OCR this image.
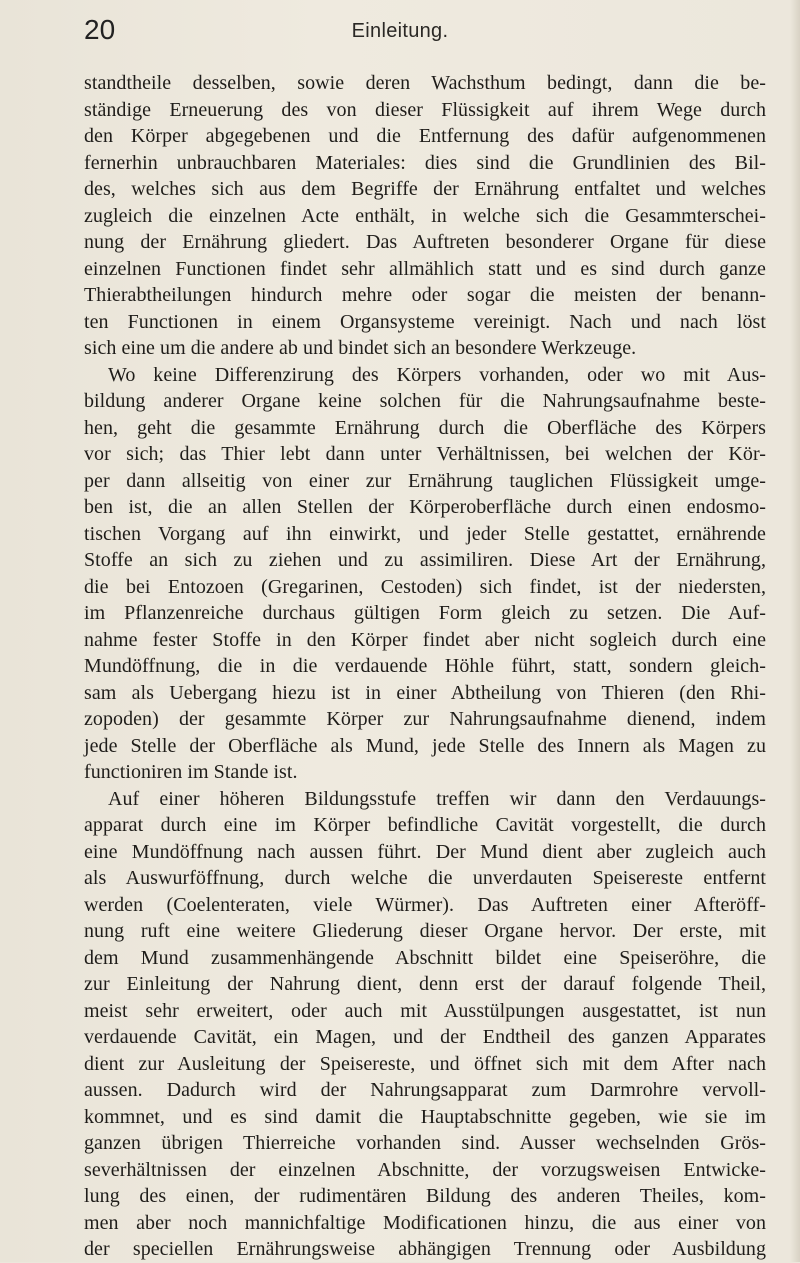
20	Einleitung.
standtheile desselben, sowie deren Wachsthum bedingt, dann die be-
ständige Erneuerung des von dieser Flüssigkeit auf ihrem Wege durch
den Körper abgegebenen und die Entfernung des dafür aufgenommenen
fernerhin unbrauchbaren Materiales: dies sind die Grundlinien des Bil-
des, welches sich aus dem Begriffe der Ernährung entfaltet und welches
zugleich die einzelnen Acte enthält, in welche sich die Gesammterschei-
nung der Ernährung gliedert. Das Auftreten besonderer Organe für diese
einzelnen Functionen findet sehr allmählich statt und es sind durch ganze
Thierabtheilungen hindurch mehre oder sogar die meisten der benann-
ten Functionen in einem Organsysteme vereinigt. Nach und nach löst
sich eine um die andere ab und bindet sich an besondere Werkzeuge.
Wo keine Differenzirung des Körpers vorhanden, oder wo mit Aus-
bildung anderer Organe keine solchen für die Nahrungsaufnahme beste-
hen, geht die gesammte Ernährung durch die Oberfläche des Körpers
vor sich; das Thier lebt dann unter Verhältnissen, bei welchen der Kör-
per dann allseitig von einer zur Ernährung tauglichen Flüssigkeit umge-
ben ist, die an allen Stellen der Körperoberfläche durch einen endosmo-
tischen Vorgang auf ihn einwirkt, und jeder Stelle gestattet, ernährende
Stoffe an sich zu ziehen und zu assimiliren. Diese Art der Ernährung,
die bei Entozoen (Gregarinen, Cestoden) sich findet, ist der niedersten,
im Pflanzenreiche durchaus gültigen Form gleich zu setzen. Die Auf-
nahme fester Stoffe in den Körper findet aber nicht sogleich durch eine
Mundöffnung, die in die verdauende Höhle führt, statt, sondern gleich-
sam als Uebergang hiezu ist in einer Abtheilung von Thieren (den Rhi-
zopoden) der gesammte Körper zur Nahrungsaufnahme dienend, indem
jede Stelle der Oberfläche als Mund, jede Stelle des Innern als Magen zu
functioniren im Stande ist.
Auf einer höheren Bildungsstufe treffen wir dann den Verdauungs-
apparat durch eine im Körper befindliche Cavität vorgestellt, die durch
eine Mundöffnung nach aussen führt. Der Mund dient aber zugleich auch
als Auswurföffnung, durch welche die unverdauten Speisereste entfernt
werden (Coelenteraten, viele Würmer). Das Auftreten einer Afteröff-
nung ruft eine weitere Gliederung dieser Organe hervor. Der erste, mit
dem Mund zusammenhängende Abschnitt bildet eine Speiseröhre, die
zur Einleitung der Nahrung dient, denn erst der darauf folgende Theil,
meist sehr erweitert, oder auch mit Ausstülpungen ausgestattet, ist nun
verdauende Cavität, ein Magen, und der Endtheil des ganzen Apparates
dient zur Ausleitung der Speisereste, und öffnet sich mit dem After nach
aussen. Dadurch wird der Nahrungsapparat zum Darmrohre vervoll-
kommnet, und es sind damit die Hauptabschnitte gegeben, wie sie im
ganzen übrigen Thierreiche vorhanden sind. Ausser wechselnden Grös-
severhältnissen der einzelnen Abschnitte, der vorzugsweisen Entwicke-
lung des einen, der rudimentären Bildung des anderen Theiles, kom-
men aber noch mannichfaltige Modificationen hinzu, die aus einer von
der speciellen Ernährungsweise abhängigen Trennung oder Ausbildung
